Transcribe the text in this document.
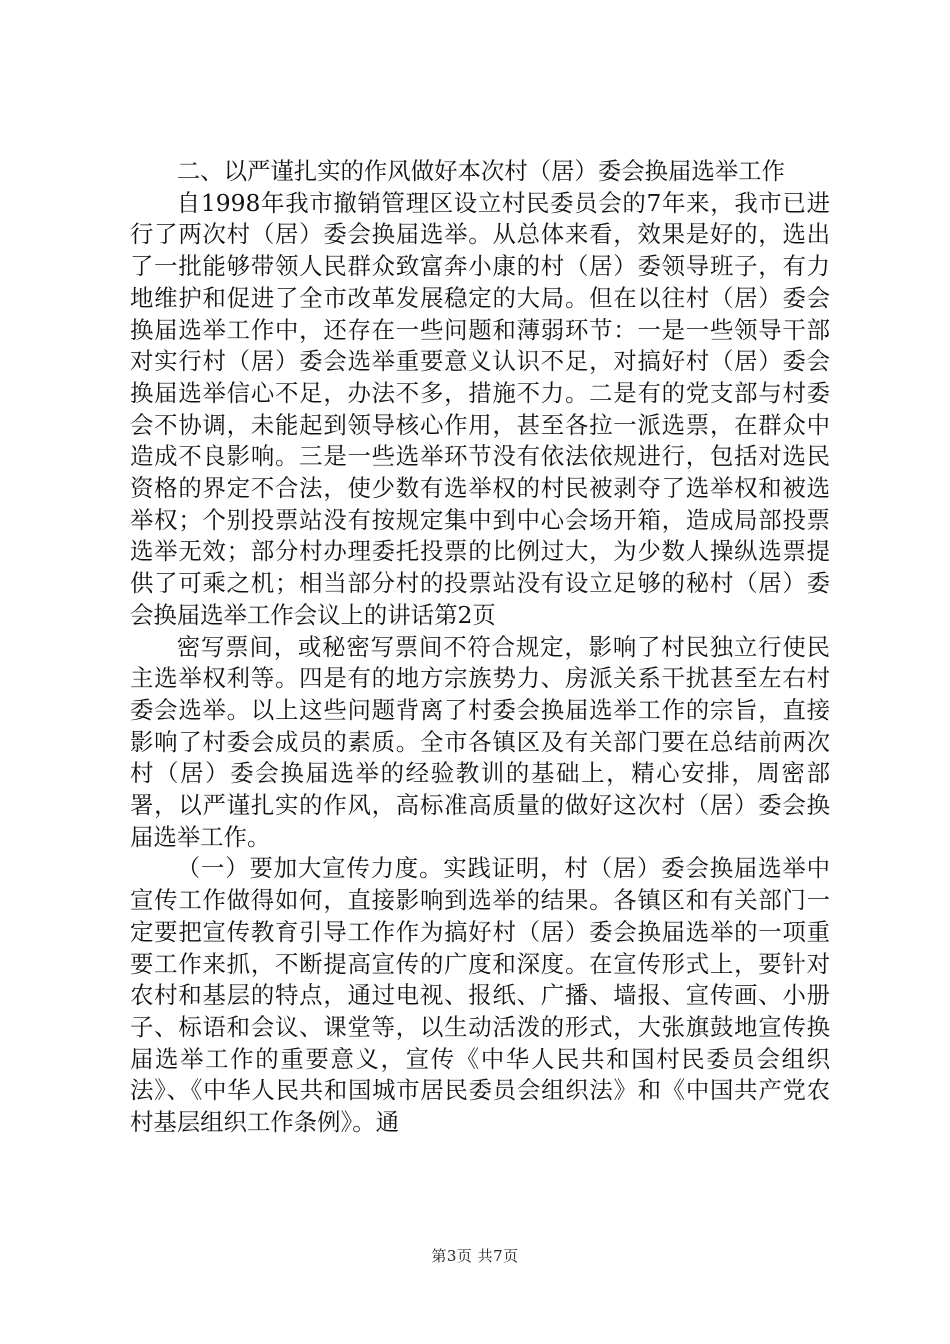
二、以严谨扎实的作风做好本次村（居）委会换届选举工作

自1998年我市撤销管理区设立村民委员会的7年来，我市已进行了两次村（居）委会换届选举。从总体来看，效果是好的，选出了一批能够带领人民群众致富奔小康的村（居）委领导班子，有力地维护和促进了全市改革发展稳定的大局。但在以往村（居）委会换届选举工作中，还存在一些问题和薄弱环节：一是一些领导干部对实行村（居）委会选举重要意义认识不足，对搞好村（居）委会换届选举信心不足，办法不多，措施不力。二是有的党支部与村委会不协调，未能起到领导核心作用，甚至各拉一派选票，在群众中造成不良影响。三是一些选举环节没有依法依规进行，包括对选民资格的界定不合法，使少数有选举权的村民被剥夺了选举权和被选举权；个别投票站没有按规定集中到中心会场开箱，造成局部投票选举无效；部分村办理委托投票的比例过大，为少数人操纵选票提供了可乘之机；相当部分村的投票站没有设立足够的秘村（居）委会换届选举工作会议上的讲话第2页

密写票间，或秘密写票间不符合规定，影响了村民独立行使民主选举权利等。四是有的地方宗族势力、房派关系干扰甚至左右村委会选举。以上这些问题背离了村委会换届选举工作的宗旨，直接影响了村委会成员的素质。全市各镇区及有关部门要在总结前两次村（居）委会换届选举的经验教训的基础上，精心安排，周密部署，以严谨扎实的作风，高标准高质量的做好这次村（居）委会换届选举工作。

（一）要加大宣传力度。实践证明，村（居）委会换届选举中宣传工作做得如何，直接影响到选举的结果。各镇区和有关部门一定要把宣传教育引导工作作为搞好村（居）委会换届选举的一项重要工作来抓，不断提高宣传的广度和深度。在宣传形式上，要针对农村和基层的特点，通过电视、报纸、广播、墙报、宣传画、小册子、标语和会议、课堂等，以生动活泼的形式，大张旗鼓地宣传换届选举工作的重要意义，宣传《中华人民共和国村民委员会组织法》、《中华人民共和国城市居民委员会组织法》和《中国共产党农村基层组织工作条例》。通

第3页 共7页
